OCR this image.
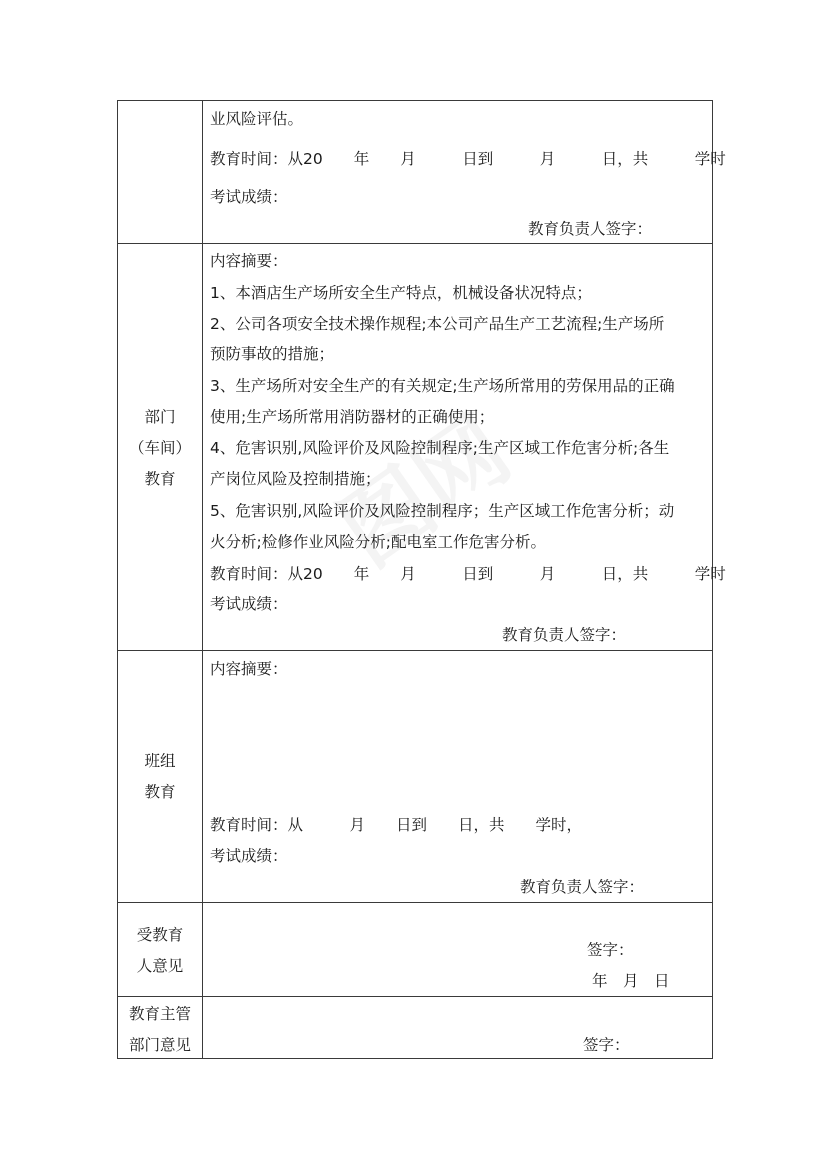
业风险评估。
教育时间：从20　　年　　月　　　日到　　　月　　　日，共　　　学时
考试成绩：
教育负责人签字：
部门
（车间）
教育
内容摘要：
1、本酒店生产场所安全生产特点，机械设备状况特点；
2、公司各项安全技术操作规程;本公司产品生产工艺流程;生产场所
预防事故的措施；
3、生产场所对安全生产的有关规定;生产场所常用的劳保用品的正确
使用;生产场所常用消防器材的正确使用；
4、危害识别,风险评价及风险控制程序;生产区域工作危害分析;各生
产岗位风险及控制措施；
5、危害识别,风险评价及风险控制程序；生产区域工作危害分析；动
火分析;检修作业风险分析;配电室工作危害分析。
教育时间：从20　　年　　月　　　日到　　　月　　　日，共　　　学时
考试成绩：
教育负责人签字：
班组
教育
内容摘要：
教育时间：从　　　月　　日到　　日，共　　学时，
考试成绩：
教育负责人签字：
受教育
人意见
签字：
年　月　日
教育主管
部门意见	签字：
